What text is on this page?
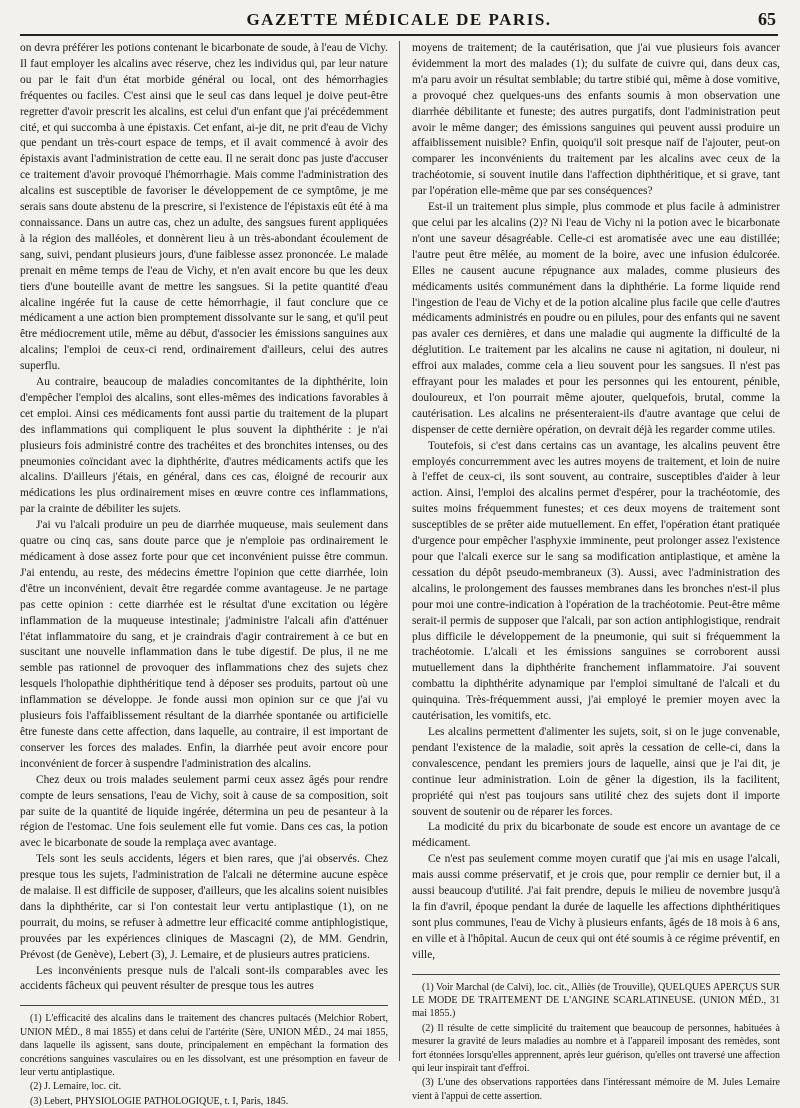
GAZETTE MÉDICALE DE PARIS.	65

on devra préférer les potions contenant le bicarbonate de soude, à l'eau de Vichy. Il faut employer les alcalins avec réserve, chez les individus qui, par leur nature ou par le fait d'un état morbide général ou local, ont des hémorrhagies fréquentes ou faciles. C'est ainsi que le seul cas dans lequel je doive peut-être regretter d'avoir prescrit les alcalins, est celui d'un enfant que j'ai précédemment cité, et qui succomba à une épistaxis. Cet enfant, ai-je dit, ne prit d'eau de Vichy que pendant un très-court espace de temps, et il avait commencé à avoir des épistaxis avant l'administration de cette eau. Il ne serait donc pas juste d'accuser ce traitement d'avoir provoqué l'hémorrhagie. Mais comme l'administration des alcalins est susceptible de favoriser le développement de ce symptôme, je me serais sans doute abstenu de la prescrire, si l'existence de l'épistaxis eût été à ma connaissance. Dans un autre cas, chez un adulte, des sangsues furent appliquées à la région des malléoles, et donnèrent lieu à un très-abondant écoulement de sang, suivi, pendant plusieurs jours, d'une faiblesse assez prononcée. Le malade prenait en même temps de l'eau de Vichy, et n'en avait encore bu que les deux tiers d'une bouteille avant de mettre les sangsues. Si la petite quantité d'eau alcaline ingérée fut la cause de cette hémorrhagie, il faut conclure que ce médicament a une action bien promptement dissolvante sur le sang, et qu'il peut être médiocrement utile, même au début, d'associer les émissions sanguines aux alcalins; l'emploi de ceux-ci rend, ordinairement d'ailleurs, celui des autres superflu.

Au contraire, beaucoup de maladies concomitantes de la diphthérite, loin d'empêcher l'emploi des alcalins, sont elles-mêmes des indications favorables à cet emploi. Ainsi ces médicaments font aussi partie du traitement de la plupart des inflammations qui compliquent le plus souvent la diphthérite : je n'ai plusieurs fois administré contre des trachéites et des bronchites intenses, ou des pneumonies coïncidant avec la diphthérite, d'autres médicaments actifs que les alcalins. D'ailleurs j'étais, en général, dans ces cas, éloigné de recourir aux médications les plus ordinairement mises en œuvre contre ces inflammations, par la crainte de débiliter les sujets.

J'ai vu l'alcali produire un peu de diarrhée muqueuse, mais seulement dans quatre ou cinq cas, sans doute parce que je n'emploie pas ordinairement le médicament à dose assez forte pour que cet inconvénient puisse être commun. J'ai entendu, au reste, des médecins émettre l'opinion que cette diarrhée, loin d'être un inconvénient, devait être regardée comme avantageuse. Je ne partage pas cette opinion : cette diarrhée est le résultat d'une excitation ou légère inflammation de la muqueuse intestinale; j'administre l'alcali afin d'atténuer l'état inflammatoire du sang, et je craindrais d'agir contrairement à ce but en suscitant une nouvelle inflammation dans le tube digestif. De plus, il ne me semble pas rationnel de provoquer des inflammations chez des sujets chez lesquels l'holopathie diphthéritique tend à déposer ses produits, partout où une inflammation se développe. Je fonde aussi mon opinion sur ce que j'ai vu plusieurs fois l'affaiblissement résultant de la diarrhée spontanée ou artificielle être funeste dans cette affection, dans laquelle, au contraire, il est important de conserver les forces des malades. Enfin, la diarrhée peut avoir encore pour inconvénient de forcer à suspendre l'administration des alcalins.

Chez deux ou trois malades seulement parmi ceux assez âgés pour rendre compte de leurs sensations, l'eau de Vichy, soit à cause de sa composition, soit par suite de la quantité de liquide ingérée, détermina un peu de pesanteur à la région de l'estomac. Une fois seulement elle fut vomie. Dans ces cas, la potion avec le bicarbonate de soude la remplaça avec avantage.

Tels sont les seuls accidents, légers et bien rares, que j'ai observés. Chez presque tous les sujets, l'administration de l'alcali ne détermine aucune espèce de malaise. Il est difficile de supposer, d'ailleurs, que les alcalins soient nuisibles dans la diphthérite, car si l'on contestait leur vertu antiplastique (1), on ne pourrait, du moins, se refuser à admettre leur efficacité comme antiphlogistique, prouvées par les expériences cliniques de Mascagni (2), de MM. Gendrin, Prévost (de Genève), Lebert (3), J. Lemaire, et de plusieurs autres praticiens.

Les inconvénients presque nuls de l'alcali sont-ils comparables avec les accidents fâcheux qui peuvent résulter de presque tous les autres

(1) L'efficacité des alcalins dans le traitement des chancres pultacés (Melchior Robert, UNION MÉD., 8 mai 1855) et dans celui de l'artérite (Sère, UNION MÉD., 24 mai 1855, dans laquelle ils agissent, sans doute, principalement en empêchant la formation des concrétions sanguines vasculaires ou en les dissolvant, est une présomption en faveur de leur vertu antiplastique.

(2) J. Lemaire, loc. cit.

(3) Lebert, PHYSIOLOGIE PATHOLOGIQUE, t. I, Paris, 1845.

moyens de traitement; de la cautérisation, que j'ai vue plusieurs fois avancer évidemment la mort des malades (1); du sulfate de cuivre qui, dans deux cas, m'a paru avoir un résultat semblable; du tartre stibié qui, même à dose vomitive, a provoqué chez quelques-uns des enfants soumis à mon observation une diarrhée débilitante et funeste; des autres purgatifs, dont l'administration peut avoir le même danger; des émissions sanguines qui peuvent aussi produire un affaiblissement nuisible? Enfin, quoiqu'il soit presque naïf de l'ajouter, peut-on comparer les inconvénients du traitement par les alcalins avec ceux de la trachéotomie, si souvent inutile dans l'affection diphthéritique, et si grave, tant par l'opération elle-même que par ses conséquences?

Est-il un traitement plus simple, plus commode et plus facile à administrer que celui par les alcalins (2)? Ni l'eau de Vichy ni la potion avec le bicarbonate n'ont une saveur désagréable. Celle-ci est aromatisée avec une eau distillée; l'autre peut être mêlée, au moment de la boire, avec une infusion édulcorée. Elles ne causent aucune répugnance aux malades, comme plusieurs des médicaments usités communément dans la diphthérie. La forme liquide rend l'ingestion de l'eau de Vichy et de la potion alcaline plus facile que celle d'autres médicaments administrés en poudre ou en pilules, pour des enfants qui ne savent pas avaler ces dernières, et dans une maladie qui augmente la difficulté de la déglutition. Le traitement par les alcalins ne cause ni agitation, ni douleur, ni effroi aux malades, comme cela a lieu souvent pour les sangsues. Il n'est pas effrayant pour les malades et pour les personnes qui les entourent, pénible, douloureux, et l'on pourrait même ajouter, quelquefois, brutal, comme la cautérisation. Les alcalins ne présenteraient-ils d'autre avantage que celui de dispenser de cette dernière opération, on devrait déjà les regarder comme utiles.

Toutefois, si c'est dans certains cas un avantage, les alcalins peuvent être employés concurremment avec les autres moyens de traitement, et loin de nuire à l'effet de ceux-ci, ils sont souvent, au contraire, susceptibles d'aider à leur action. Ainsi, l'emploi des alcalins permet d'espérer, pour la trachéotomie, des suites moins fréquemment funestes; et ces deux moyens de traitement sont susceptibles de se prêter aide mutuellement. En effet, l'opération étant pratiquée d'urgence pour empêcher l'asphyxie imminente, peut prolonger assez l'existence pour que l'alcali exerce sur le sang sa modification antiplastique, et amène la cessation du dépôt pseudo-membraneux (3). Aussi, avec l'administration des alcalins, le prolongement des fausses membranes dans les bronches n'est-il plus pour moi une contre-indication à l'opération de la trachéotomie. Peut-être même serait-il permis de supposer que l'alcali, par son action antiphlogistique, rendrait plus difficile le développement de la pneumonie, qui suit si fréquemment la trachéotomie. L'alcali et les émissions sanguines se corroborent aussi mutuellement dans la diphthérite franchement inflammatoire. J'ai souvent combattu la diphthérite adynamique par l'emploi simultané de l'alcali et du quinquina. Très-fréquemment aussi, j'ai employé le premier moyen avec la cautérisation, les vomitifs, etc.

Les alcalins permettent d'alimenter les sujets, soit, si on le juge convenable, pendant l'existence de la maladie, soit après la cessation de celle-ci, dans la convalescence, pendant les premiers jours de laquelle, ainsi que je l'ai dit, je continue leur administration. Loin de gêner la digestion, ils la facilitent, propriété qui n'est pas toujours sans utilité chez des sujets dont il importe souvent de soutenir ou de réparer les forces.

La modicité du prix du bicarbonate de soude est encore un avantage de ce médicament.

Ce n'est pas seulement comme moyen curatif que j'ai mis en usage l'alcali, mais aussi comme préservatif, et je crois que, pour remplir ce dernier but, il a aussi beaucoup d'utilité. J'ai fait prendre, depuis le milieu de novembre jusqu'à la fin d'avril, époque pendant la durée de laquelle les affections diphthéritiques sont plus communes, l'eau de Vichy à plusieurs enfants, âgés de 18 mois à 6 ans, en ville et à l'hôpital. Aucun de ceux qui ont été soumis à ce régime préventif, en ville,

(1) Voir Marchal (de Calvi), loc. cit., Alliès (de Trouville), QUELQUES APERÇUS SUR LE MODE DE TRAITEMENT DE L'ANGINE SCARLATINEUSE. (UNION MÉD., 31 mai 1855.)

(2) Il résulte de cette simplicité du traitement que beaucoup de personnes, habituées à mesurer la gravité de leurs maladies au nombre et à l'appareil imposant des remèdes, sont fort étonnées lorsqu'elles apprennent, après leur guérison, qu'elles ont traversé une affection qui leur inspirait tant d'effroi.

(3) L'une des observations rapportées dans l'intéressant mémoire de M. Jules Lemaire vient à l'appui de cette assertion.
